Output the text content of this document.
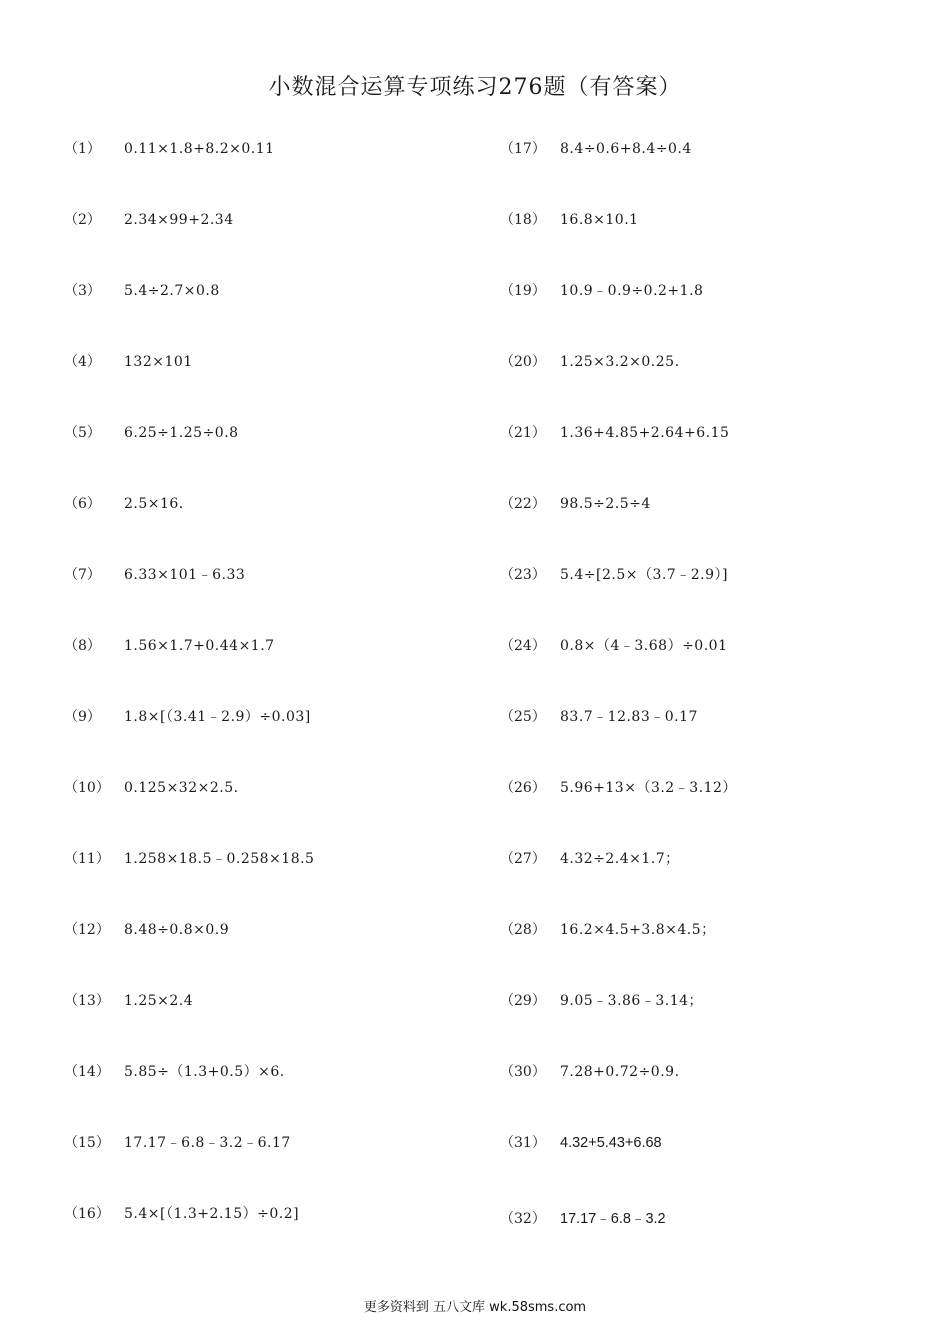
小数混合运算专项练习276题（有答案）
（1） 0.11×1.8+8.2×0.11
（2） 2.34×99+2.34
（3） 5.4÷2.7×0.8
（4） 132×101
（5） 6.25÷1.25÷0.8
（6） 2.5×16.
（7） 6.33×101﹣6.33
（8） 1.56×1.7+0.44×1.7
（9） 1.8×[（3.41﹣2.9）÷0.03]
（10） 0.125×32×2.5.
（11） 1.258×18.5﹣0.258×18.5
（12） 8.48÷0.8×0.9
（13） 1.25×2.4
（14） 5.85÷（1.3+0.5）×6.
（15） 17.17﹣6.8﹣3.2﹣6.17
（16） 5.4×[（1.3+2.15）÷0.2]
（17） 8.4÷0.6+8.4÷0.4
（18） 16.8×10.1
（19） 10.9﹣0.9÷0.2+1.8
（20） 1.25×3.2×0.25.
（21） 1.36+4.85+2.64+6.15
（22） 98.5÷2.5÷4
（23） 5.4÷[2.5×（3.7﹣2.9）]
（24） 0.8×（4﹣3.68）÷0.01
（25） 83.7﹣12.83﹣0.17
（26） 5.96+13×（3.2﹣3.12）
（27） 4.32÷2.4×1.7；
（28） 16.2×4.5+3.8×4.5；
（29） 9.05﹣3.86﹣3.14；
（30） 7.28+0.72÷0.9.
（31） 4.32+5.43+6.68
（32） 17.17﹣6.8﹣3.2
更多资料到 五八文库 wk.58sms.com
